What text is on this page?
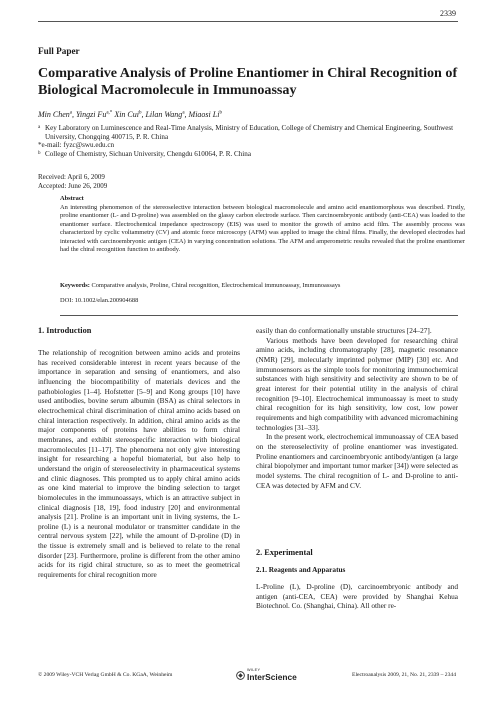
2339
Full Paper
Comparative Analysis of Proline Enantiomer in Chiral Recognition of Biological Macromolecule in Immunoassay
Min Chen$^a$, Yingzi $Fu^{a,*}$ Xin Cui$^b$, Lilan Wang$^a$, Miaosi Li$^b$
a Key Laboratory on Luminescence and Real-Time Analysis, Ministry of Education, College of Chemistry and Chemical Engineering, Southwest University, Chongqing 400715, P. R. China
*e-mail: fyzc@swu.edu.cn
b College of Chemistry, Sichuan University, Chengdu 610064, P. R. China
Received: April 6, 2009
Accepted: June 26, 2009
Abstract
An interesting phenomenon of the stereoselective interaction between biological macromolecule and amino acid enantiomorphous was described. Firstly, proline enantiomer (L- and D-proline) was assembled on the glassy carbon electrode surface. Then carcinoembryonic antibody (anti-CEA) was loaded to the enantiomer surface. Electrochemical impedance spectroscopy (EIS) was used to monitor the growth of amino acid film. The assembly process was characterized by cyclic voltammetry (CV) and atomic force microscopy (AFM) was applied to image the chiral films. Finally, the developed electrodes had interacted with carcinoembryonic antigen (CEA) in varying concentration solutions. The AFM and amperometric results revealed that the proline enantiomer had the chiral recognition function to antibody.
Keywords: Comparative analysis, Proline, Chiral recognition, Electrochemical immunoassay, Immunoassays
DOI: 10.1002/elan.200904688
1. Introduction

The relationship of recognition between amino acids and proteins has received considerable interest in recent years because of the importance in separation and sensing of enantiomers, and also influencing the biocompatibility of materials devices and the pathobiologies [1–4]. Hofstetter [5–9] and Kong groups [10] have used antibodies, bovine serum albumin (BSA) as chiral selectors in electrochemical chiral discrimination of chiral amino acids based on chiral interaction respectively. In addition, chiral amino acids as the major components of proteins have abilities to form chiral membranes, and exhibit stereospecific interaction with biological macromolecules [11–17]. The phenomena not only give interesting insight for researching a hopeful biomaterial, but also help to understand the origin of stereoselectivity in pharmaceutical systems and clinic diagnoses. This prompted us to apply chiral amino acids as one kind material to improve the binding selection to target biomolecules in the immunoassays, which is an attractive subject in clinical diagnosis [18, 19], food industry [20] and environmental analysis [21]. Proline is an important unit in living systems, the L-proline (L) is a neuronal modulator or transmitter candidate in the central nervous system [22], while the amount of D-proline (D) in the tissue is extremely small and is believed to relate to the renal disorder [23]. Furthermore, proline is different from the other amino acids for its rigid chiral structure, so as to meet the geometrical requirements for chiral recognition more

easily than do conformationally unstable structures [24–27].

Various methods have been developed for researching chiral amino acids, including chromatography [28], magnetic resonance (NMR) [29], molecularly imprinted polymer (MIP) [30] etc. And immunosensors as the simple tools for monitoring immunochemical substances with high sensitivity and selectivity are shown to be of great interest for their potential utility in the analysis of chiral recognition [9–10]. Electrochemical immunoassay is meet to study chiral recognition for its high sensitivity, low cost, low power requirements and high compatibility with advanced micromachining technologies [31–33].

In the present work, electrochemical immunoassay of CEA based on the stereoselectivity of proline enantiomer was investigated. Proline enantiomers and carcinoembryonic antibody/antigen (a large chiral biopolymer and important tumor marker [34]) were selected as model systems. The chiral recognition of L- and D-proline to anti-CEA was detected by AFM and CV.

2. Experimental
2.1. Reagents and Apparatus

L-Proline (L), D-proline (D), carcinoembryonic antibody and antigen (anti-CEA, CEA) were provided by Shanghai Kehua Biotechnol. Co. (Shanghai, China). All other re-

© 2009 Wiley-VCH Verlag GmbH & Co. KGaA, Weinheim
WILEY
InterScience	Electroanalysis 2009, 21, No. 21, 2339 – 2344
